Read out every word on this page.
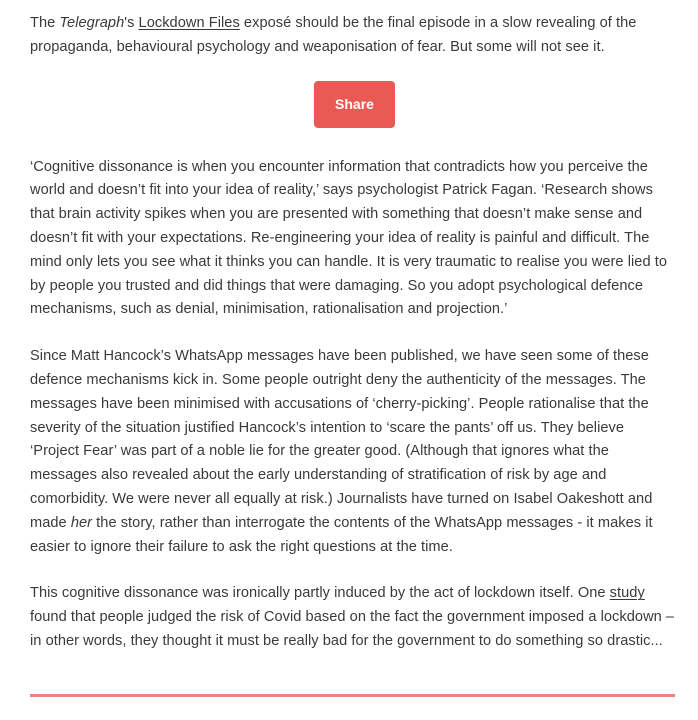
The Telegraph's Lockdown Files exposé should be the final episode in a slow revealing of the propaganda, behavioural psychology and weaponisation of fear. But some will not see it.

Share

‘Cognitive dissonance is when you encounter information that contradicts how you perceive the world and doesn’t fit into your idea of reality,’ says psychologist Patrick Fagan. ‘Research shows that brain activity spikes when you are presented with something that doesn’t make sense and doesn’t fit with your expectations. Re-engineering your idea of reality is painful and difficult. The mind only lets you see what it thinks you can handle. It is very traumatic to realise you were lied to by people you trusted and did things that were damaging. So you adopt psychological defence mechanisms, such as denial, minimisation, rationalisation and projection.’

Since Matt Hancock’s WhatsApp messages have been published, we have seen some of these defence mechanisms kick in. Some people outright deny the authenticity of the messages. The messages have been minimised with accusations of ‘cherry-picking’. People rationalise that the severity of the situation justified Hancock’s intention to ‘scare the pants’ off us. They believe ‘Project Fear’ was part of a noble lie for the greater good. (Although that ignores what the messages also revealed about the early understanding of stratification of risk by age and comorbidity. We were never all equally at risk.) Journalists have turned on Isabel Oakeshott and made her the story, rather than interrogate the contents of the WhatsApp messages - it makes it easier to ignore their failure to ask the right questions at the time.

This cognitive dissonance was ironically partly induced by the act of lockdown itself. One study found that people judged the risk of Covid based on the fact the government imposed a lockdown – in other words, they thought it must be really bad for the government to do something so drastic...
